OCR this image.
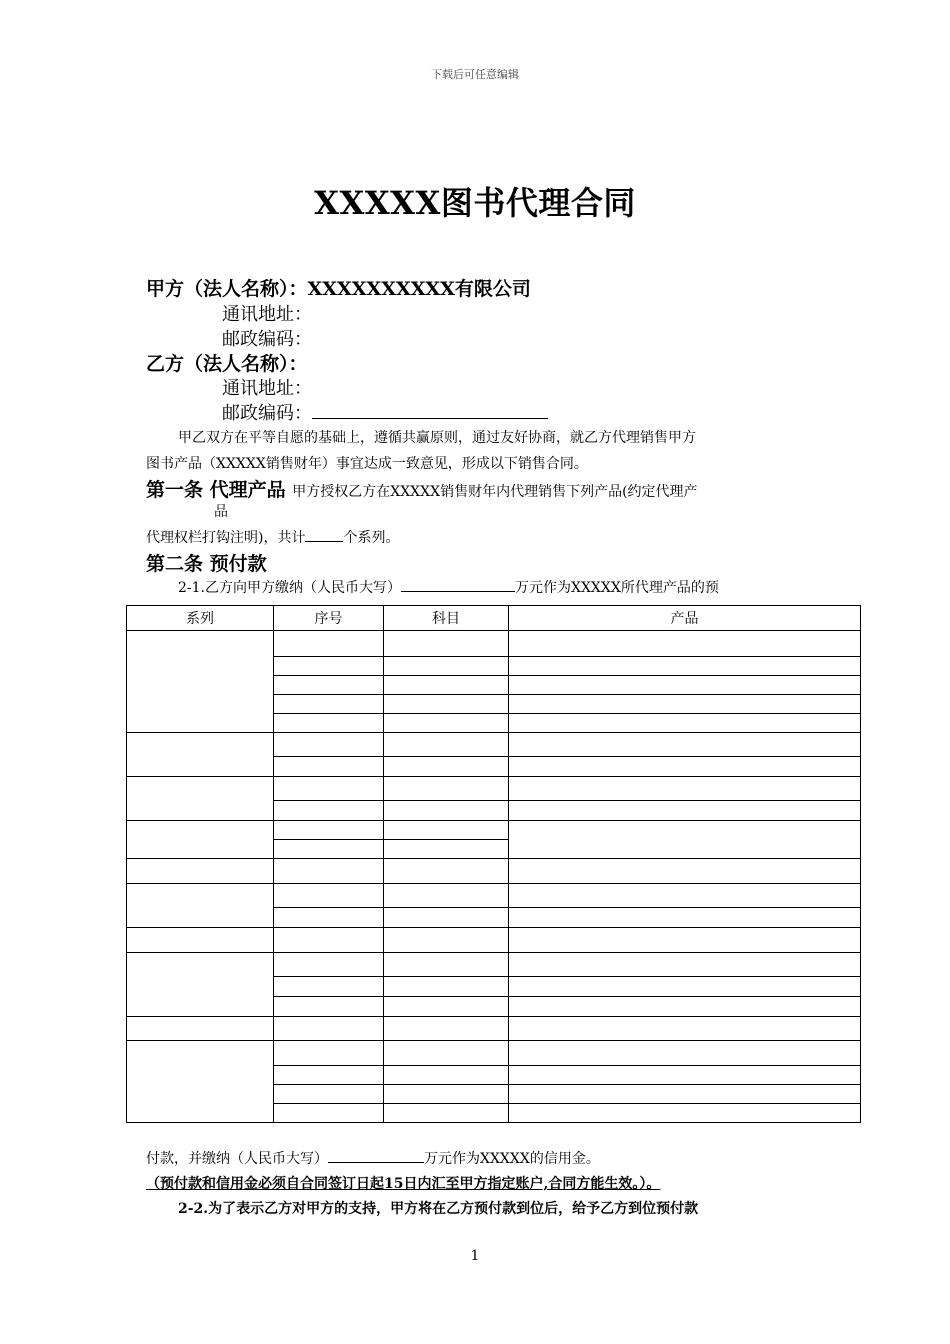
下载后可任意编辑
XXXXX图书代理合同
甲方（法人名称）：XXXXXXXXXX有限公司
通讯地址：
邮政编码：
乙方（法人名称）：
通讯地址：
邮政编码：
甲乙双方在平等自愿的基础上，遵循共赢原则，通过友好协商，就乙方代理销售甲方
图书产品（XXXXX销售财年）事宜达成一致意见，形成以下销售合同。
第一条 代理产品 甲方授权乙方在XXXXX销售财年内代理销售下列产品(约定代理产
品
代理权栏打钩注明)，共计	个系列。
第二条 预付款
2-1.乙方向甲方缴纳（人民币大写）	万元作为XXXXX所代理产品的预
系列	序号	科目	产品

付款，并缴纳（人民币大写）	万元作为XXXXX的信用金。
（预付款和信用金必须自合同签订日起15日内汇至甲方指定账户,合同方能生效。）。
2-2.为了表示乙方对甲方的支持，甲方将在乙方预付款到位后，给予乙方到位预付款
1
